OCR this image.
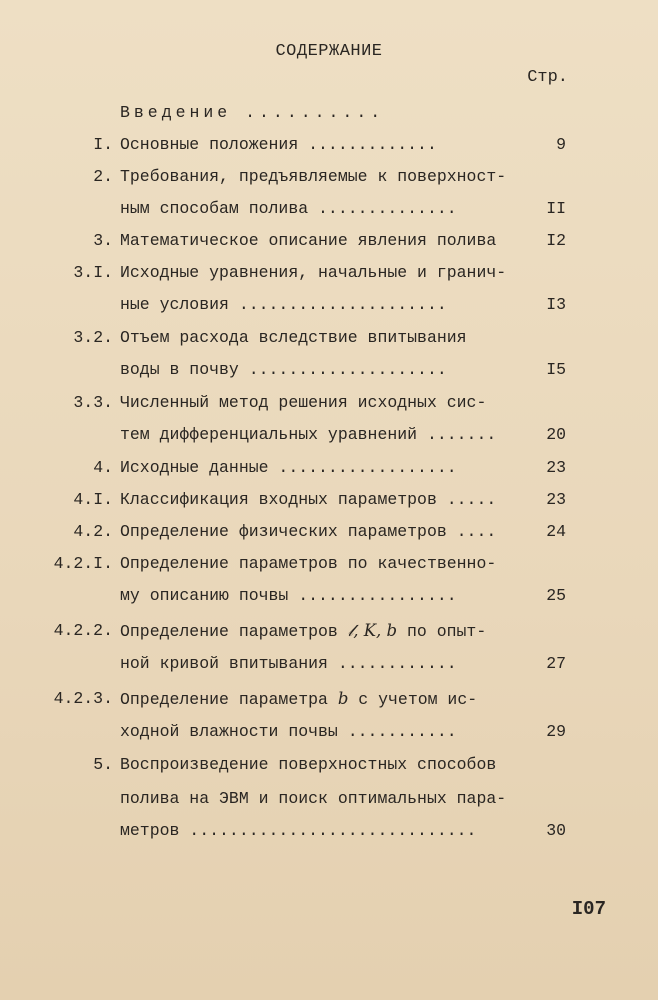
СОДЕРЖАНИЕ
Стр.
Введение ..........
I. Основные положения .............	9
2. Требования, предъявляемые к поверхност-
ным способам полива ..............	II
3. Математическое описание явления полива	I2
3.I. Исходные уравнения, начальные и гранич-
ные условия .....................	I3
3.2. Отъем расхода вследствие впитывания
воды в почву ....................	I5
3.3. Численный метод решения исходных сис-
тем дифференциальных уравнений .......	20
4. Исходные данные ..................	23
4.I. Классификация входных параметров .....	23
4.2. Определение физических параметров ....	24
4.2.I. Определение параметров по качественно-
му описанию почвы ................	25
4.2.2. Определение параметров 𝓁, K, b по опыт-
ной кривой впитывания ............	27
4.2.3. Определение параметра b с учетом ис-
ходной влажности почвы ...........	29
5. Воспроизведение поверхностных способов
полива на ЭВМ и поиск оптимальных пара-
метров .............................	30
I07
